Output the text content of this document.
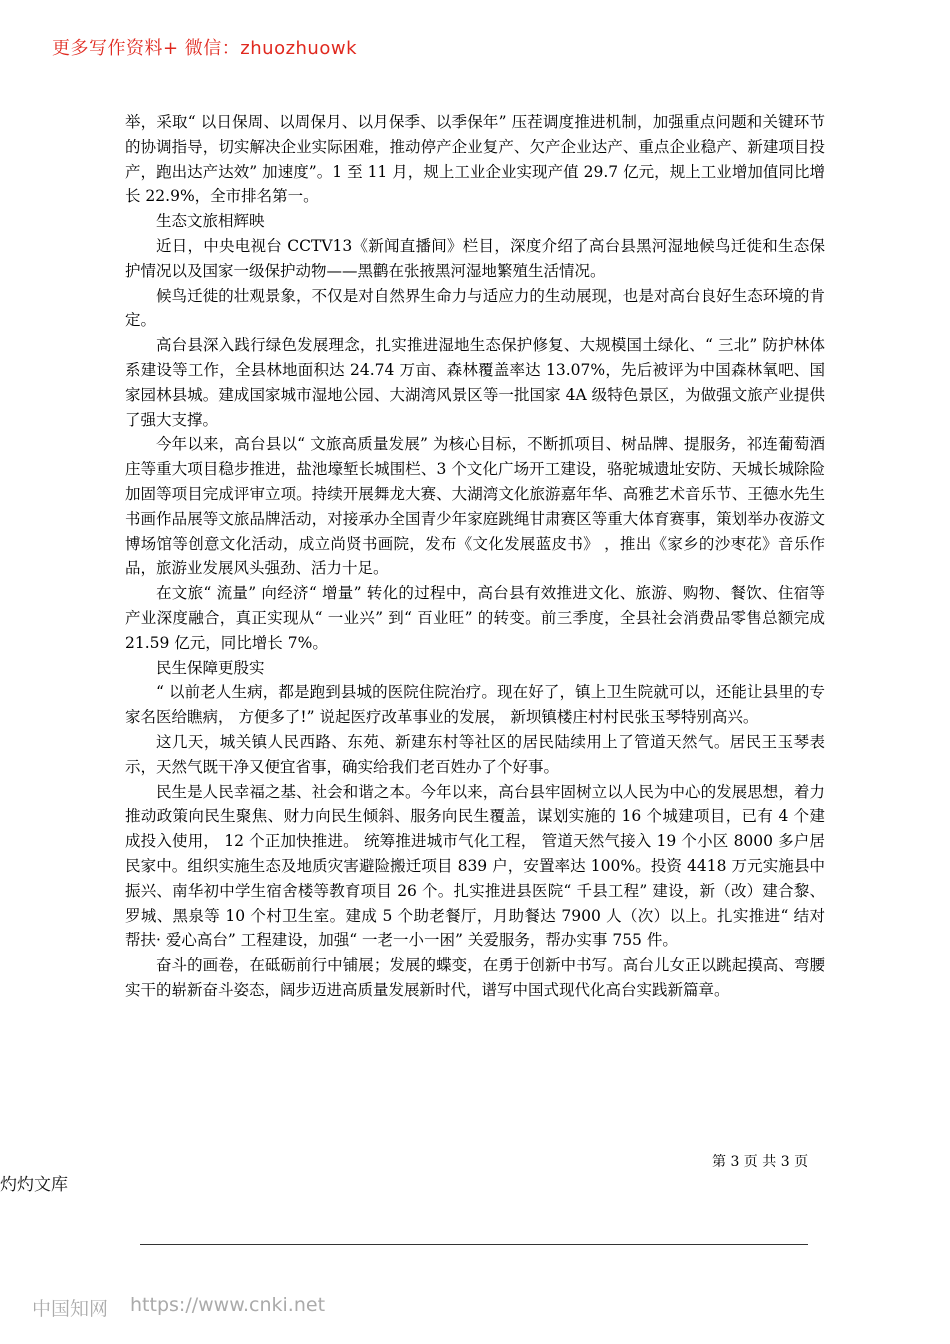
更多写作资料+ 微信：zhuozhuowk

举，采取“ 以日保周、以周保月、以月保季、以季保年” 压茬调度推进机制，加强重点问题和关键环节的协调指导，切实解决企业实际困难，推动停产企业复产、欠产企业达产、重点企业稳产、新建项目投产，跑出达产达效” 加速度”。1 至 11 月，规上工业企业实现产值 29.7 亿元，规上工业增加值同比增长 22.9%，全市排名第一。

生态文旅相辉映

近日，中央电视台 CCTV13《新闻直播间》栏目，深度介绍了高台县黑河湿地候鸟迁徙和生态保护情况以及国家一级保护动物——黑鹳在张掖黑河湿地繁殖生活情况。

候鸟迁徙的壮观景象，不仅是对自然界生命力与适应力的生动展现，也是对高台良好生态环境的肯定。

高台县深入践行绿色发展理念，扎实推进湿地生态保护修复、大规模国土绿化、“ 三北” 防护林体系建设等工作，全县林地面积达 24.74 万亩、森林覆盖率达 13.07%，先后被评为中国森林氧吧、国家园林县城。建成国家城市湿地公园、大湖湾风景区等一批国家 4A 级特色景区，为做强文旅产业提供了强大支撑。

今年以来，高台县以“ 文旅高质量发展” 为核心目标，不断抓项目、树品牌、提服务，祁连葡萄酒庄等重大项目稳步推进，盐池壕堑长城围栏、3 个文化广场开工建设，骆驼城遗址安防、天城长城除险加固等项目完成评审立项。持续开展舞龙大赛、大湖湾文化旅游嘉年华、高雅艺术音乐节、王德水先生书画作品展等文旅品牌活动，对接承办全国青少年家庭跳绳甘肃赛区等重大体育赛事，策划举办夜游文博场馆等创意文化活动，成立尚贤书画院，发布《文化发展蓝皮书》 ，推出《家乡的沙枣花》音乐作品，旅游业发展风头强劲、活力十足。

在文旅“ 流量” 向经济“ 增量” 转化的过程中，高台县有效推进文化、旅游、购物、餐饮、住宿等产业深度融合，真正实现从“ 一业兴” 到“ 百业旺” 的转变。前三季度，全县社会消费品零售总额完成 21.59 亿元，同比增长 7%。

民生保障更殷实

“ 以前老人生病，都是跑到县城的医院住院治疗。现在好了，镇上卫生院就可以，还能让县里的专家名医给瞧病， 方便多了!” 说起医疗改革事业的发展， 新坝镇楼庄村村民张玉琴特别高兴。

这几天，城关镇人民西路、东苑、新建东村等社区的居民陆续用上了管道天然气。居民王玉琴表示，天然气既干净又便宜省事，确实给我们老百姓办了个好事。

民生是人民幸福之基、社会和谐之本。今年以来，高台县牢固树立以人民为中心的发展思想，着力推动政策向民生聚焦、财力向民生倾斜、服务向民生覆盖，谋划实施的 16 个城建项目，已有 4 个建成投入使用， 12 个正加快推进。 统筹推进城市气化工程， 管道天然气接入 19 个小区 8000 多户居民家中。组织实施生态及地质灾害避险搬迁项目 839 户，安置率达 100%。投资 4418 万元实施县中振兴、南华初中学生宿舍楼等教育项目 26 个。扎实推进县医院“ 千县工程” 建设，新（改）建合黎、罗城、黑泉等 10 个村卫生室。建成 5 个助老餐厅，月助餐达 7900 人（次）以上。扎实推进“ 结对帮扶· 爱心高台” 工程建设，加强“ 一老一小一困” 关爱服务，帮办实事 755 件。

奋斗的画卷，在砥砺前行中铺展；发展的蝶变，在勇于创新中书写。高台儿女正以跳起摸高、弯腰实干的崭新奋斗姿态，阔步迈进高质量发展新时代，谱写中国式现代化高台实践新篇章。

第 3 页 共 3 页
灼灼文库
中国知网 https://www.cnki.net
